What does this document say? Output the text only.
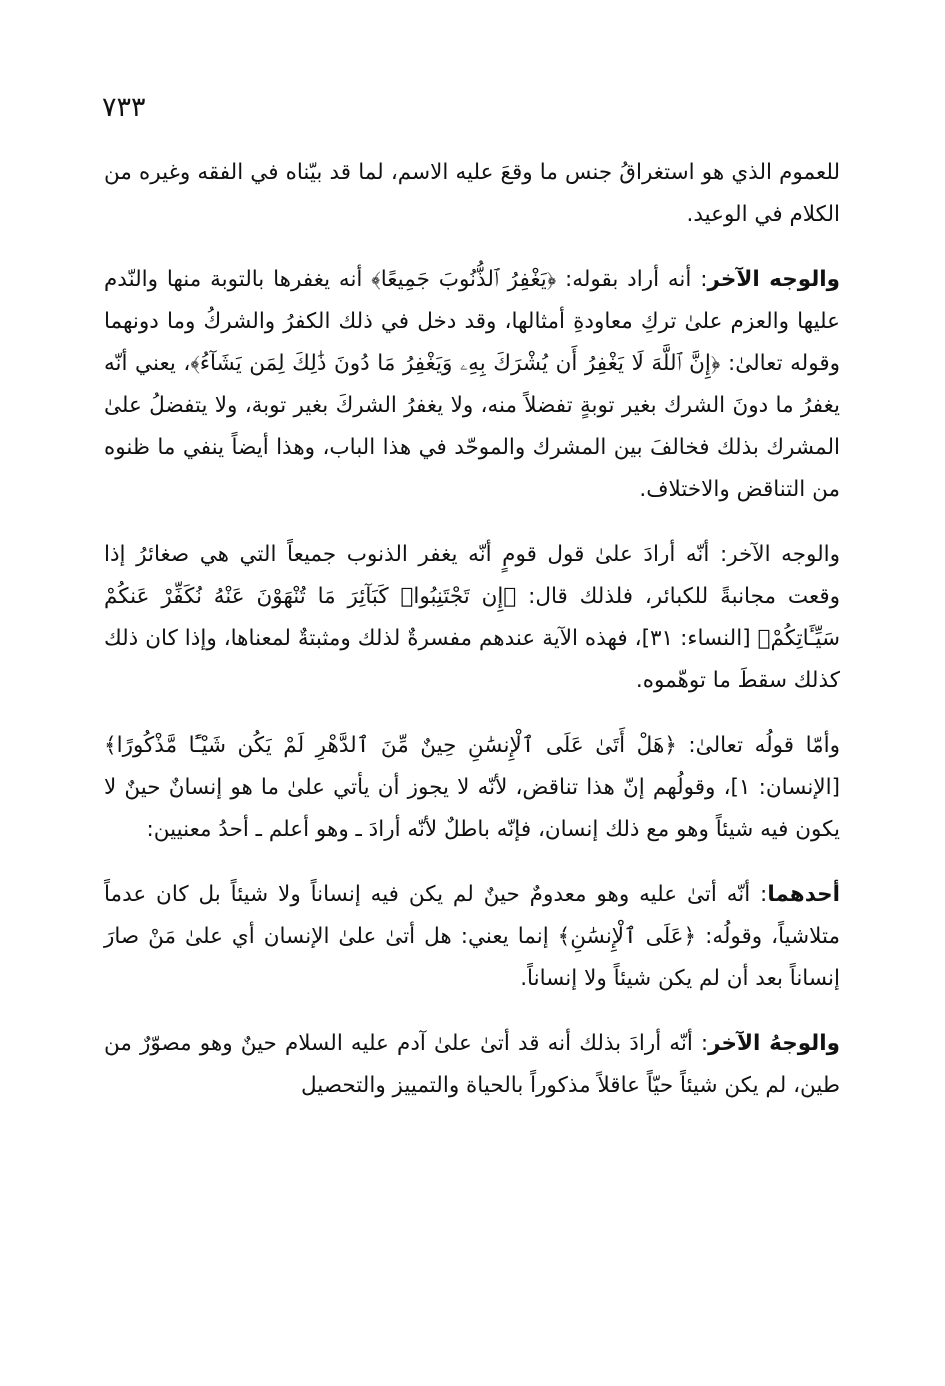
٧٣٣

للعموم الذي هو استغراقُ جنس ما وقعَ عليه الاسم، لما قد بيّناه في الفقه وغيره من الكلام في الوعيد.

والوجه الآخر: أنه أراد بقوله: ﴿يَغْفِرُ ٱلذُّنُوبَ جَمِيعًا﴾ أنه يغفرها بالتوبة منها والنّدم عليها والعزم علىٰ تركِ معاودةِ أمثالها، وقد دخل في ذلك الكفرُ والشركُ وما دونهما وقوله تعالىٰ: ﴿إِنَّ ٱللَّهَ لَا يَغْفِرُ أَن يُشْرَكَ بِهِۦ وَيَغْفِرُ مَا دُونَ ذَٰلِكَ لِمَن يَشَآءُ﴾، يعني أنّه يغفرُ ما دونَ الشرك بغير توبةٍ تفضلاً منه، ولا يغفرُ الشركَ بغير توبة، ولا يتفضلُ علىٰ المشرك بذلك فخالفَ بين المشرك والموحّد في هذا الباب، وهذا أيضاً ينفي ما ظنوه من التناقض والاختلاف.

والوجه الآخر: أنّه أرادَ علىٰ قول قومٍ أنّه يغفر الذنوب جميعاً التي هي صغائرُ إذا وقعت مجانبةً للكبائر، فلذلك قال: ﴿إِن تَجْتَنِبُوا۟ كَبَآئِرَ مَا تُنْهَوْنَ عَنْهُ نُكَفِّرْ عَنكُمْ سَيِّـَٔاتِكُمْ﴾ [النساء: ٣١]، فهذه الآية عندهم مفسرةٌ لذلك ومثبتةٌ لمعناها، وإذا كان ذلك كذلك سقطَ ما توهّموه.

وأمّا قولُه تعالىٰ: ﴿هَلْ أَتَىٰ عَلَى ٱلْإِنسَٰنِ حِينٌ مِّنَ ٱلدَّهْرِ لَمْ يَكُن شَيْـًٔا مَّذْكُورًا﴾ [الإنسان: ١]، وقولُهم إنّ هذا تناقض، لأنّه لا يجوز أن يأتي علىٰ ما هو إنسانٌ حينٌ لا يكون فيه شيئاً وهو مع ذلك إنسان، فإنّه باطلٌ لأنّه أرادَ ـ وهو أعلم ـ أحدُ معنيين:

أحدهما: أنّه أتىٰ عليه وهو معدومٌ حينٌ لم يكن فيه إنساناً ولا شيئاً بل كان عدماً متلاشياً، وقولُه: ﴿عَلَى ٱلْإِنسَٰنِ﴾ إنما يعني: هل أتىٰ علىٰ الإنسان أي علىٰ مَنْ صارَ إنساناً بعد أن لم يكن شيئاً ولا إنساناً.

والوجهُ الآخر: أنّه أرادَ بذلك أنه قد أتىٰ علىٰ آدم عليه السلام حينٌ وهو مصوّرٌ من طين، لم يكن شيئاً حيّاً عاقلاً مذكوراً بالحياة والتمييز والتحصيل
